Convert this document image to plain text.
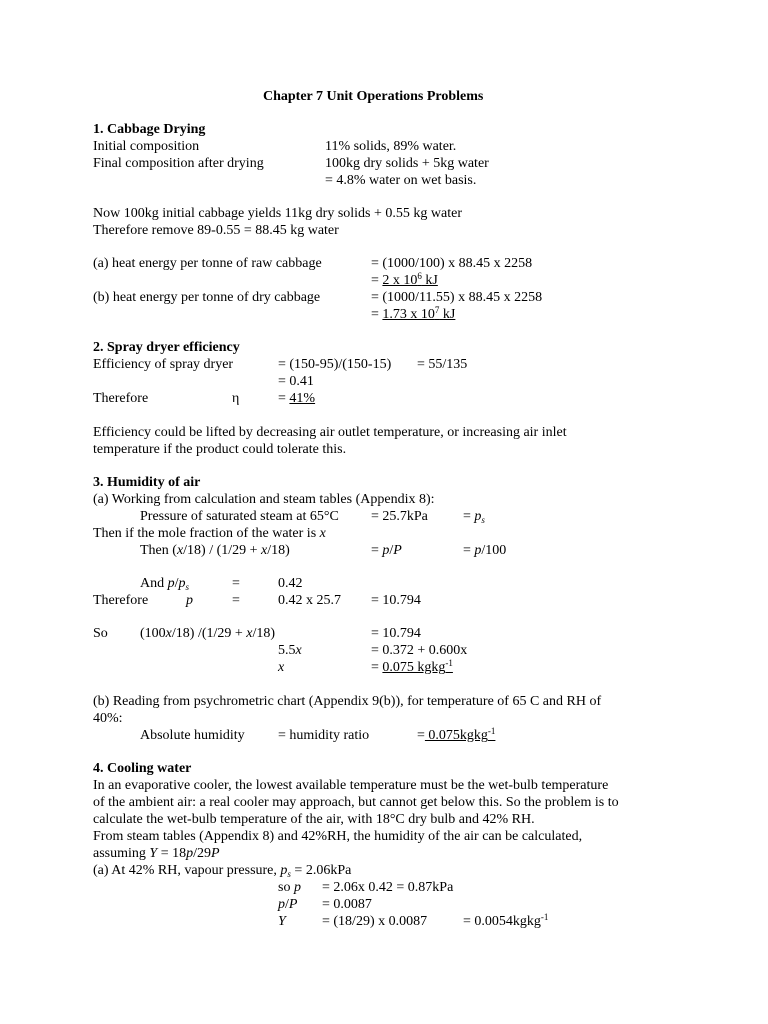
Chapter 7 Unit Operations Problems
1. Cabbage Drying
Initial composition	11% solids, 89% water.
Final composition after drying	100kg dry solids + 5kg water
= 4.8% water on wet basis.
Now 100kg initial cabbage yields 11kg dry solids + 0.55 kg water
Therefore remove 89-0.55 = 88.45 kg water
(a) heat energy per tonne of raw cabbage	= (1000/100) x 88.45 x 2258
= 2 x $10^6$ kJ
(b) heat energy per tonne of dry cabbage	= (1000/11.55) x 88.45 x 2258
= 1.73 x $10^7$ kJ
2. Spray dryer efficiency
Efficiency of spray dryer	= (150-95)/(150-15) = 55/135
= 0.41
Therefore	η	= 41%
Efficiency could be lifted by decreasing air outlet temperature, or increasing air inlet
temperature if the product could tolerate this.
3. Humidity of air
(a) Working from calculation and steam tables (Appendix 8):
Pressure of saturated steam at 65°C = 25.7kPa	= $p_s$
Then if the mole fraction of the water is x
Then (x/18) / (1/29 + x/18)	= p/P	= p/100
And $p/p_s$	=	0.42
Therefore	p	=	0.42 x 25.7 = 10.794
So (100x/18) /(1/29 + x/18)	= 10.794
5.5x	= 0.372 + 0.600x
x	= 0.075 kgkg$^{-1}$
(b) Reading from psychrometric chart (Appendix 9(b)), for temperature of 65 C and RH of
40%:
Absolute humidity = humidity ratio	= 0.075kgkg$^{-1}$
4. Cooling water
In an evaporative cooler, the lowest available temperature must be the wet-bulb temperature
of the ambient air: a real cooler may approach, but cannot get below this. So the problem is to
calculate the wet-bulb temperature of the air, with 18°C dry bulb and 42% RH.
From steam tables (Appendix 8) and 42%RH, the humidity of the air can be calculated,
assuming Y = 18p/29P
(a) At 42% RH, vapour pressure, $p_s = 2.06kPa$
so p = 2.06x 0.42 = 0.87kPa
p/P = 0.0087
Y	= (18/29) x 0.0087	= 0.0054kgkg$^{-1}$
